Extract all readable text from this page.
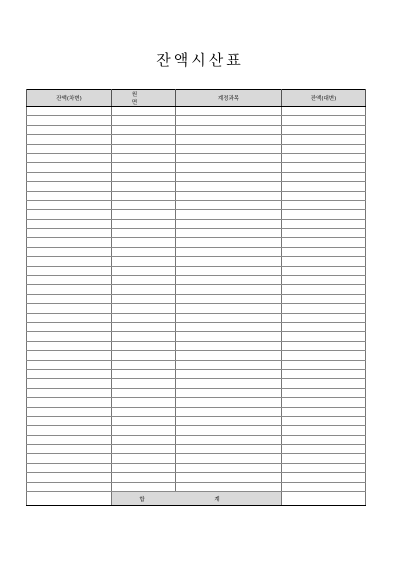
잔액시산표
잔액(차변)	원 면	계정과목	잔액(대변)

	합 계		
